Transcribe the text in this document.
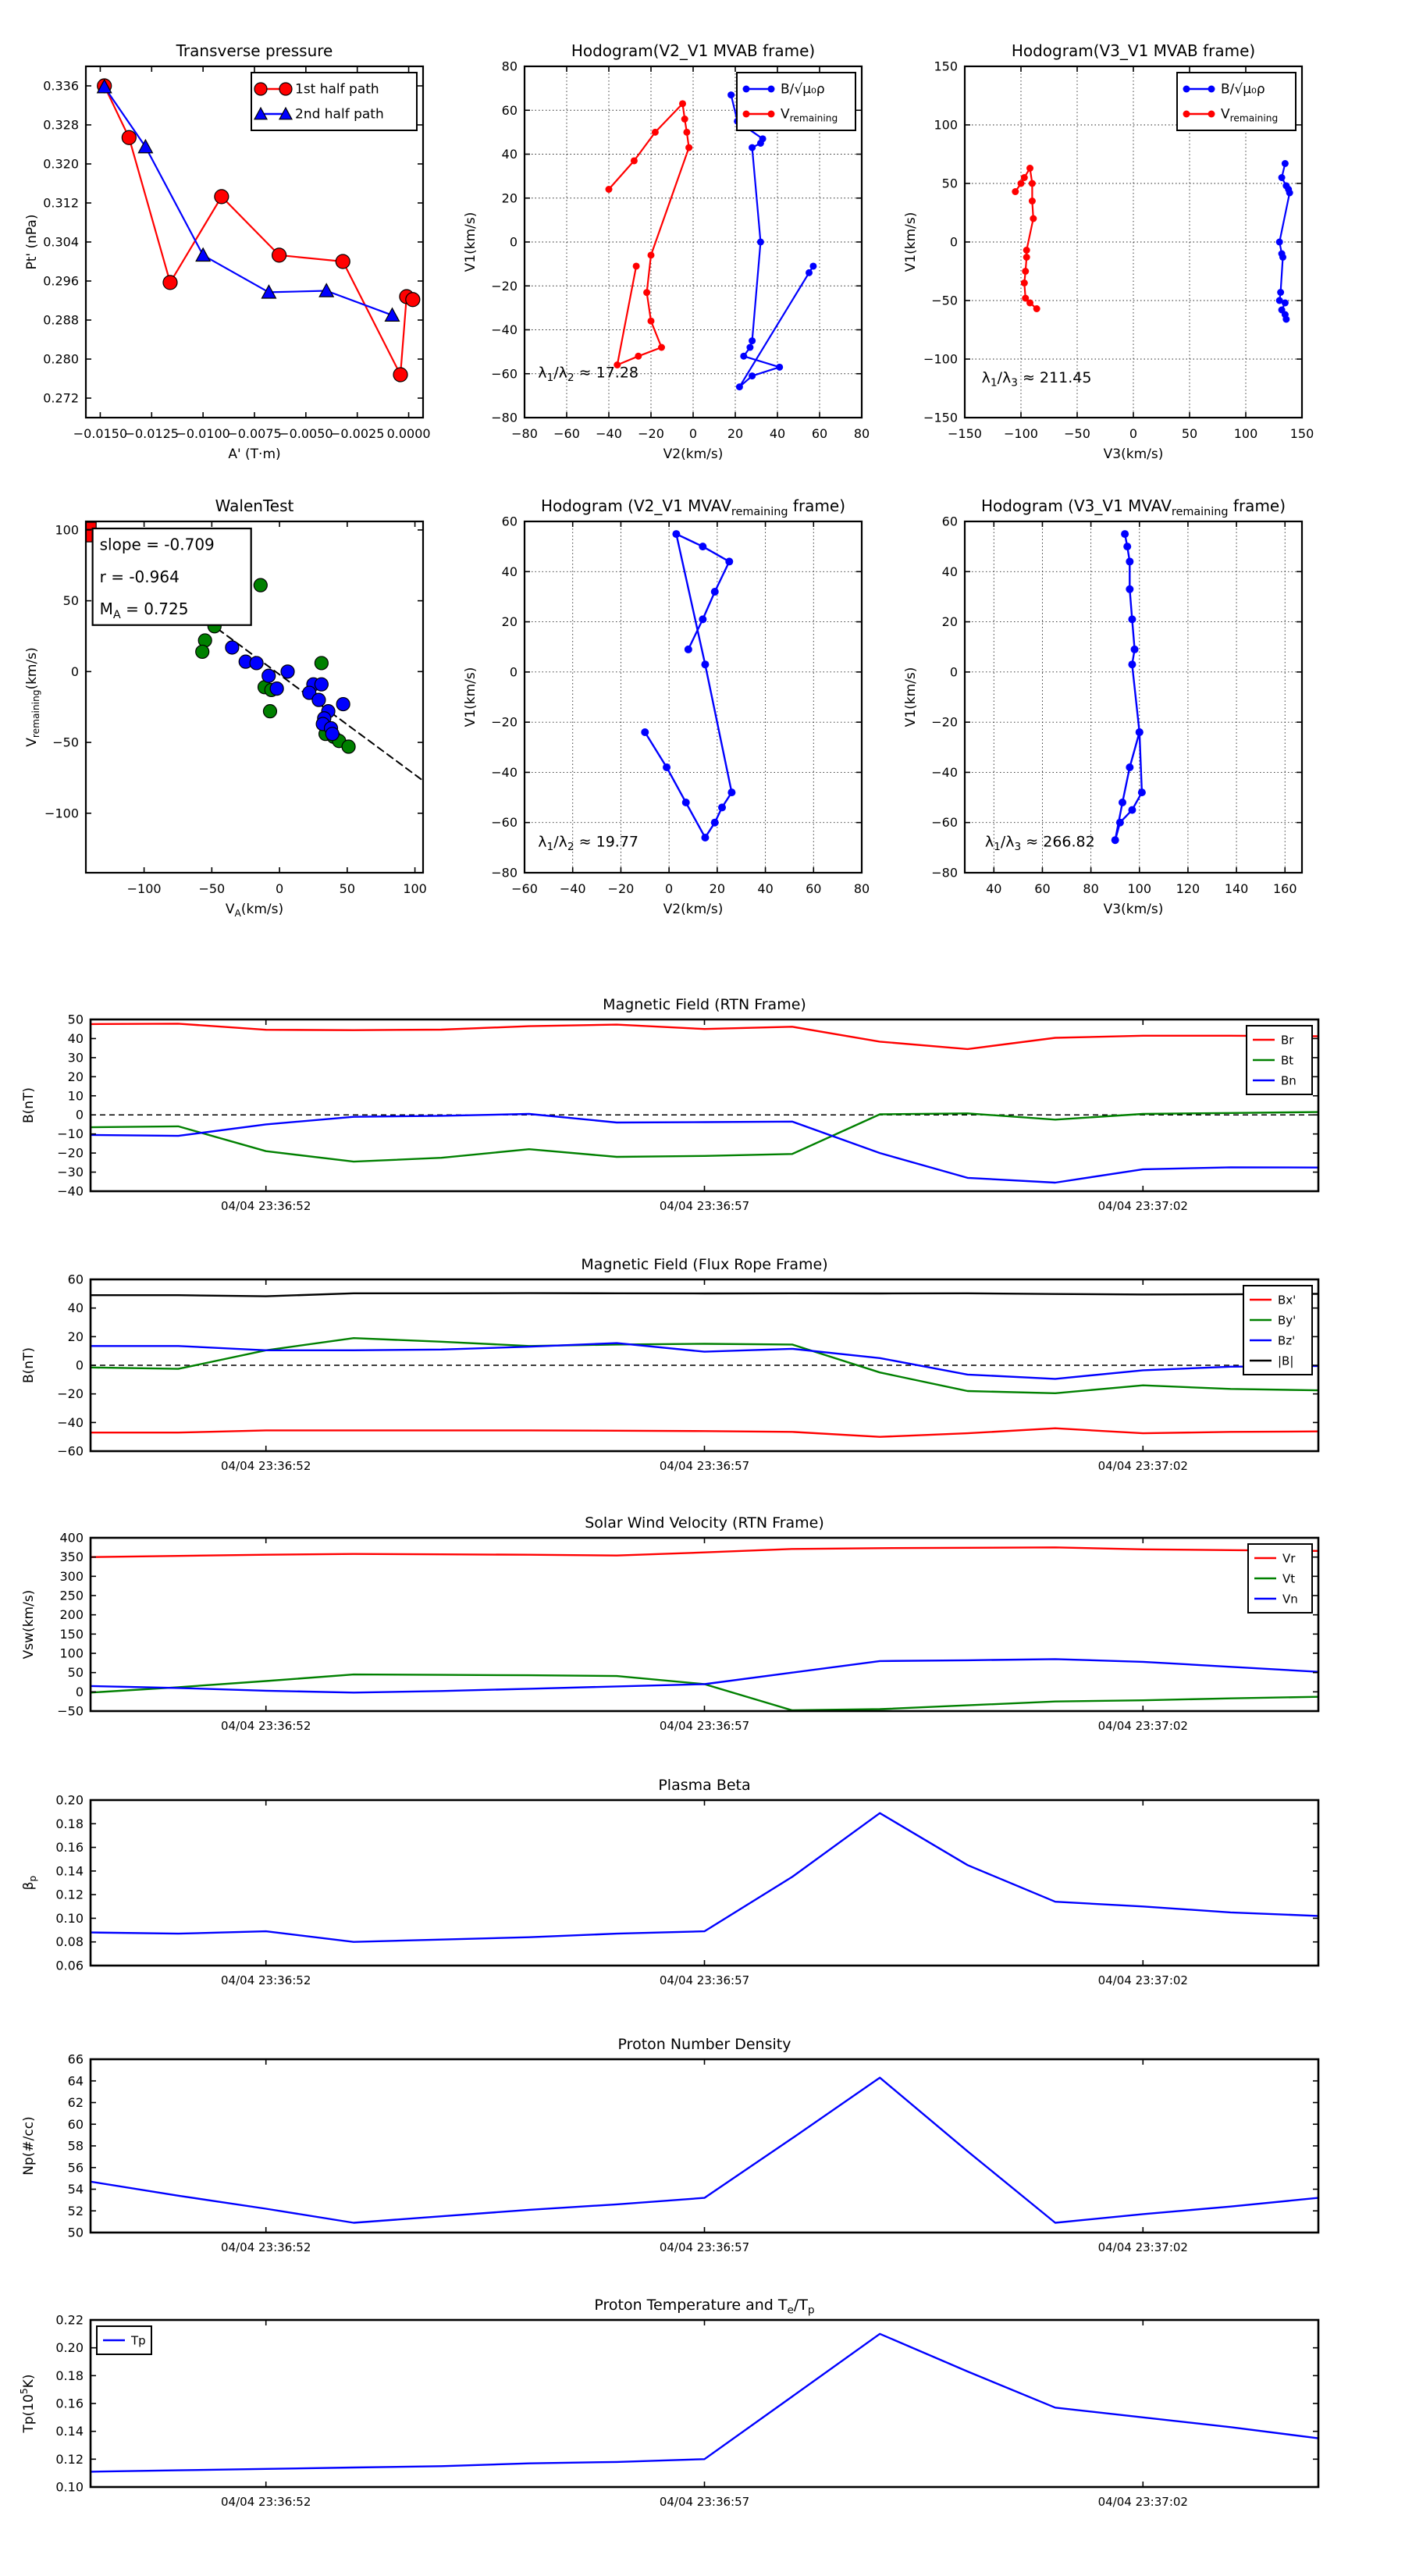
−0.0150
−0.0125
−0.0100
−0.0075
−0.0050
−0.0025 0.0000
0.272
0.280
0.288
0.296
0.304
0.312
0.320
0.328
0.336
Transverse pressure
A' (T·m)
Pt' (nPa)
1st half path
2nd half path
−80 −60 −40 −20 0 20 40 60 80
−80
−60
−40
−20
0
20
40
60
80
Hodogram(V2_V1 MVAB frame)
V2(km/s)
V1(km/s)
B/√μ₀ρ
$V_{remaining}$
$\lambda_1/\lambda_2 \approx 17.28$
−150 −100 −50	0	50	100	150
−150
−100
−50
0
50
100
150
Hodogram(V3_V1 MVAB frame)
V3(km/s)
V1(km/s)
B/√μ₀ρ
$V_{remaining}$
$\lambda_1/\lambda_3 \approx 211.45$
−100	−50	0	50	100
−100
−50
0
50
100
WalenTest
$V_A(km/s)$
$V_{remaining}(km/s)$
slope = -0.709
r = -0.964
$M_A = 0.725$
−60 −40 −20 0	20	40	60	80
−80
−60
−40
−20
0
20
40
60
Hodogram (V2_V1 $MVAV_{remaining}$ frame)
V2(km/s)
V1(km/s)
$\lambda_1/\lambda_2 \approx 19.77$
40	60	80 100 120 140 160
−80
−60
−40
−20
0
20
40
60
Hodogram (V3_V1 $MVAV_{remaining}$ frame)
V3(km/s)
V1(km/s)
$\lambda_1/\lambda_3 \approx 266.82$
04/04 23:36:52	04/04 23:36:57	04/04 23:37:02
−40
−30
−20
−10
0
10
20
30
40
50
Magnetic Field (RTN Frame)
B(nT)
Br
Bt
Bn
04/04 23:36:52	04/04 23:36:57	04/04 23:37:02
−60
−40
−20
0
20
40
60
Magnetic Field (Flux Rope Frame)
B(nT)
Bx'
By'
Bz'
|B|
04/04 23:36:52	04/04 23:36:57	04/04 23:37:02
−50
0
50
100
150
200
250
300
350
400
Solar Wind Velocity (RTN Frame)
Vsw(km/s)
Vr
Vt
Vn
04/04 23:36:52	04/04 23:36:57	04/04 23:37:02
0.06
0.08
0.10
0.12
0.14
0.16
0.18
0.20
Plasma Beta
$\beta_p$
04/04 23:36:52	04/04 23:36:57	04/04 23:37:02
50
52
54
56
58
60
62
64
66
Proton Number Density
Np(#/cc)
04/04 23:36:52	04/04 23:36:57	04/04 23:37:02
0.10
0.12
0.14
0.16
0.18
0.20
0.22
Proton Temperature and $T_e/T_p$
$Tp(10^5K)$
Tp
